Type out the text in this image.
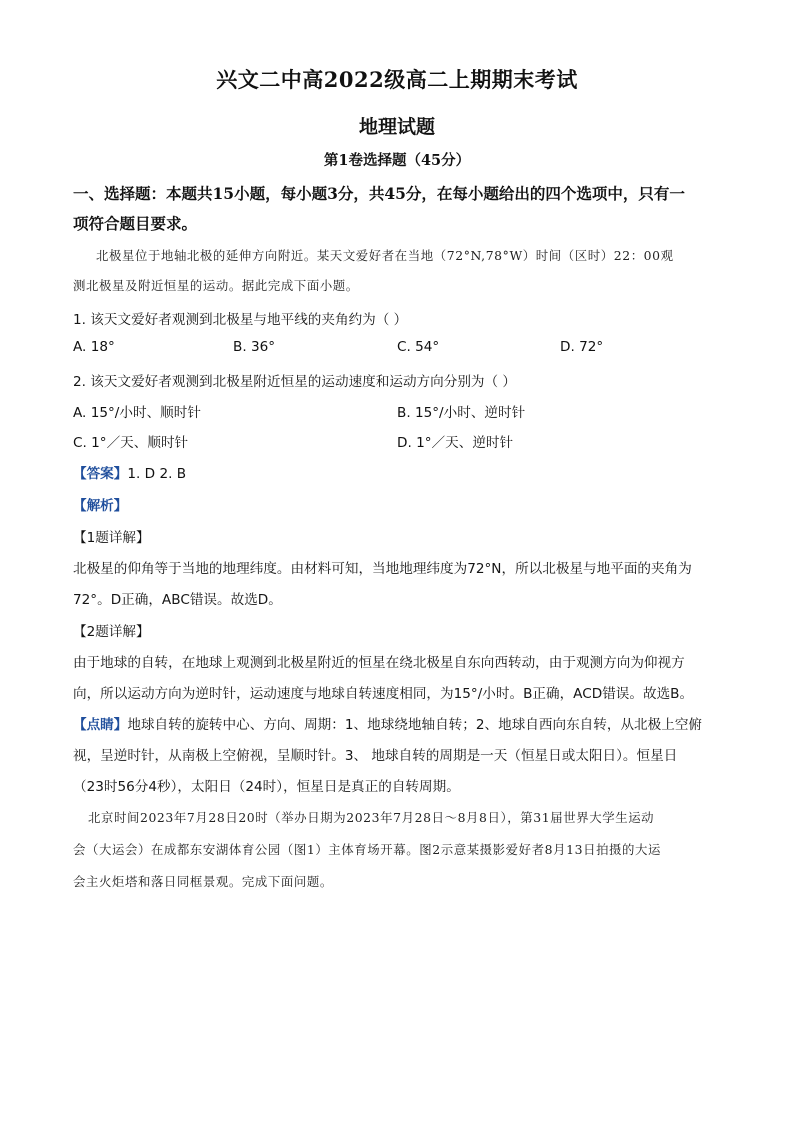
兴文二中高2022级高二上期期末考试
地理试题
第1卷选择题（45分）
一、选择题：本题共15小题，每小题3分，共45分，在每小题给出的四个选项中，只有一
项符合题目要求。
北极星位于地轴北极的延伸方向附近。某天文爱好者在当地（72°N,78°W）时间（区时）22：00观
测北极星及附近恒星的运动。据此完成下面小题。
1. 该天文爱好者观测到北极星与地平线的夹角约为（ ）
A. 18°	B. 36°	C. 54°	D. 72°
2. 该天文爱好者观测到北极星附近恒星的运动速度和运动方向分别为（ ）
A. 15°/小时、顺时针	B. 15°/小时、逆时针
C. 1°／天、顺时针	D. 1°／天、逆时针
【答案】1. D 2. B
【解析】
【1题详解】
北极星的仰角等于当地的地理纬度。由材料可知，当地地理纬度为72°N，所以北极星与地平面的夹角为
72°。D正确，ABC错误。故选D。
【2题详解】
由于地球的自转，在地球上观测到北极星附近的恒星在绕北极星自东向西转动，由于观测方向为仰视方
向，所以运动方向为逆时针，运动速度与地球自转速度相同，为15°/小时。B正确，ACD错误。故选B。
【点睛】地球自转的旋转中心、方向、周期：1、地球绕地轴自转；2、地球自西向东自转，从北极上空俯
视，呈逆时针，从南极上空俯视，呈顺时针。3、 地球自转的周期是一天（恒星日或太阳日）。恒星日
（23时56分4秒），太阳日（24时），恒星日是真正的自转周期。
北京时间2023年7月28日20时（举办日期为2023年7月28日～8月8日），第31届世界大学生运动
会（大运会）在成都东安湖体育公园（图1）主体育场开幕。图2示意某摄影爱好者8月13日拍摄的大运
会主火炬塔和落日同框景观。完成下面问题。
